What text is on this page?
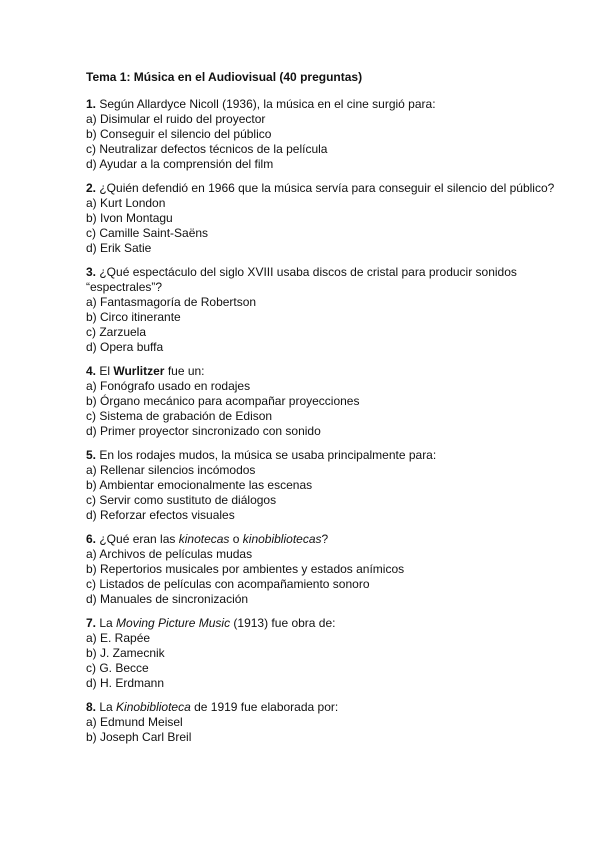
Tema 1: Música en el Audiovisual (40 preguntas)

1. Según Allardyce Nicoll (1936), la música en el cine surgió para:

a) Disimular el ruido del proyector

b) Conseguir el silencio del público

c) Neutralizar defectos técnicos de la película

d) Ayudar a la comprensión del film

2. ¿Quién defendió en 1966 que la música servía para conseguir el silencio del público?

a) Kurt London

b) Ivon Montagu

c) Camille Saint-Saëns

d) Erik Satie

3. ¿Qué espectáculo del siglo XVIII usaba discos de cristal para producir sonidos “espectrales”?

a) Fantasmagoría de Robertson

b) Circo itinerante

c) Zarzuela

d) Opera buffa

4. El Wurlitzer fue un:

a) Fonógrafo usado en rodajes

b) Órgano mecánico para acompañar proyecciones

c) Sistema de grabación de Edison

d) Primer proyector sincronizado con sonido

5. En los rodajes mudos, la música se usaba principalmente para:

a) Rellenar silencios incómodos

b) Ambientar emocionalmente las escenas

c) Servir como sustituto de diálogos

d) Reforzar efectos visuales

6. ¿Qué eran las kinotecas o kinobibliotecas?

a) Archivos de películas mudas

b) Repertorios musicales por ambientes y estados anímicos

c) Listados de películas con acompañamiento sonoro

d) Manuales de sincronización

7. La Moving Picture Music (1913) fue obra de:

a) E. Rapée

b) J. Zamecnik

c) G. Becce

d) H. Erdmann

8. La Kinobiblioteca de 1919 fue elaborada por:

a) Edmund Meisel

b) Joseph Carl Breil
